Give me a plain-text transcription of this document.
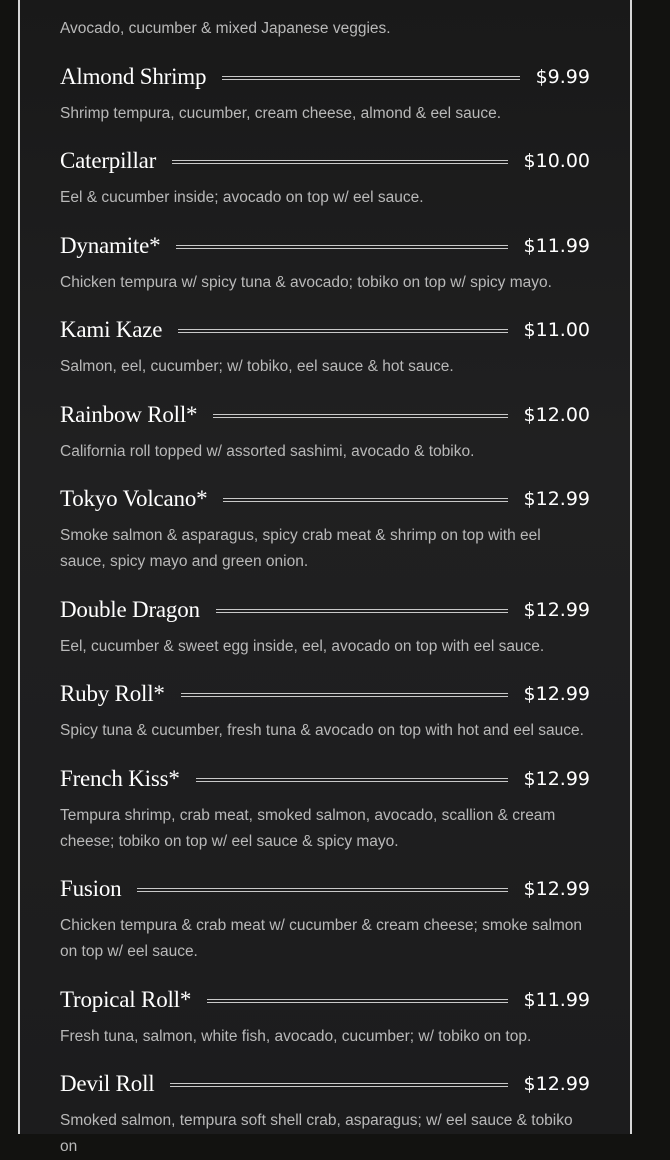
Avocado, cucumber & mixed Japanese veggies.
Almond Shrimp	$9.99
Shrimp tempura, cucumber, cream cheese, almond & eel sauce.
Caterpillar	$10.00
Eel & cucumber inside; avocado on top w/ eel sauce.
Dynamite*	$11.99
Chicken tempura w/ spicy tuna & avocado; tobiko on top w/ spicy mayo.
Kami Kaze	$11.00
Salmon, eel, cucumber; w/ tobiko, eel sauce & hot sauce.
Rainbow Roll*	$12.00
California roll topped w/ assorted sashimi, avocado & tobiko.
Tokyo Volcano*	$12.99
Smoke salmon & asparagus, spicy crab meat & shrimp on top with eel sauce, spicy mayo and green onion.
Double Dragon	$12.99
Eel, cucumber & sweet egg inside, eel, avocado on top with eel sauce.
Ruby Roll*	$12.99
Spicy tuna & cucumber, fresh tuna & avocado on top with hot and eel sauce.
French Kiss*	$12.99
Tempura shrimp, crab meat, smoked salmon, avocado, scallion & cream cheese; tobiko on top w/ eel sauce & spicy mayo.
Fusion	$12.99
Chicken tempura & crab meat w/ cucumber & cream cheese; smoke salmon on top w/ eel sauce.
Tropical Roll*	$11.99
Fresh tuna, salmon, white fish, avocado, cucumber; w/ tobiko on top.
Devil Roll	$12.99
Smoked salmon, tempura soft shell crab, asparagus; w/ eel sauce & tobiko on
